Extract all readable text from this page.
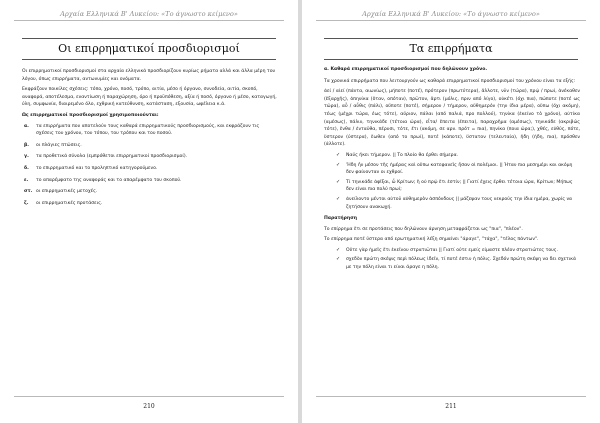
Αρχαία Ελληνικά Β' Λυκείου: «Το άγνωστο κείμενο»
Οι επιρρηματικοί προσδιορισμοί

Οι επιρρηματικοί προσδιορισμοί στα αρχαία ελληνικά προσδιορίζουν κυρίως ρήματα αλλά και άλλα μέρη του λόγου, όπως επιρρήματα, αντωνυμίες και ονόματα.

Εκφράζουν ποικίλες σχέσεις: τόπο, χρόνο, ποσό, τρόπο, αιτία, μέσο ή όργανο, συνοδεία, αιτία, σκοπό, αναφορά, αποτέλεσμα, εναντίωση ή παραχώρηση, όρο ή προϋπόθεση, αξία ή ποσό, όργανο ή μέσο, καταγωγή, ύλη, συμφωνία, διαιρεμένο όλο, εχθρική κατεύθυνση, κατάσταση, εξουσία, ωφέλεια κ.ά.

Ως επιρρηματικοί προσδιορισμοί χρησιμοποιούνται:

α.	τα επιρρήματα που αποτελούν τους καθαρά επιρρηματικούς προσδιορισμούς, και εκφράζουν τις σχέσεις του χρόνου, του τόπου, του τρόπου και του ποσού.
β.	οι πλάγιες πτώσεις.
γ.	τα προθετικά σύνολα (εμπρόθετοι επιρρηματικοί προσδιορισμοί).
δ.	το επιρρηματικό και το προληπτικό κατηγορούμενο.
ε.	το απαρέμφατο της αναφοράς και το απαρέμφατο του σκοπού.
στ. οι επιρρηματικές μετοχές.
ζ.	οι επιρρηματικές προτάσεις.
210
Αρχαία Ελληνικά Β' Λυκείου: «Το άγνωστο κείμενο»
Τα επιρρήματα
α. Καθαρά επιρρηματικοί προσδιορισμοί που δηλώνουν χρόνο.
Τα χρονικά επιρρήματα που λειτουργούν ως καθαρά επιρρηματικοί προσδιορισμοί του χρόνου είναι τα εξής:
ἀεί / αἰεί (πάντα, αιωνίως), μήποτε (ποτέ), πρότερον (πρωτύτερα), ἄλλοτε, νῦν (τώρα), πρῴ / πρωί, ἀνέκαθεν (ἔξαρχῆς), ὀπηνίκα (ὅταν, οπόταν), πρῶτον, ἄρτι (μόλις, πριν από λίγο), οὐκέτι (όχι πια), πώποτε (ποτέ ως τώρα), αὖ / αὖθις (πάλι), οὔποτε (ποτέ), σήμερον / τήμερον, αὔθημερόν (την ίδια μέρα), οὔπω (όχι ακόμη), τέως (μέχρι τώρα, έως τότε), αὔριον, πάλαι (από παλιά, προ πολλού), τηνίκα (ἐκείνο τὸ χρόνο), αὐτίκα (αμέσως), πάλιν, τηνικάδε (τέτοια ώρα), εἶτα/ ἔπειτα (έπειτα), παραχρῆμα (αμέσως), τηνικάδε (ακριβώς τότε), ἔνθα / ἐνταῦθα, πέρυσι, τότε, ἔτι (ακόμη, σε αρν. πρότ = πια), πηνίκα (ποια ώρα;), χθές, εὐθύς, πότε, ὕστερον (ύστερα), ἔωθεν (από το πρωί), ποτέ (κάποτε), ὕστατον (τελευταία), ἤδη (ήδη, πια), πρόσθεν (άλλοτε).
✓	Ναύς ἥκει τήμερον. || Το πλοίο θα έρθει σήμερα.
✓	Ἤδη ἦν μέσον τῆς ἡμέρας καὶ οὔπω κατεφανεῖς ἦσαν οἱ πολέμιοι. || Ήταν πια μεσημέρι και ακόμη δεν φαίνονταν οι εχθροί.
✓	Τί τηνικάδε ἀφῖξαι, ὦ Κρίτων; ἢ οὐ πρῴ ἔτι ἐστίν; || Γιατί έχεις έρθει τέτοια ώρα, Κρίτων; Μήπως δεν είναι πια πολύ πρωί;
✓	ἀνείλοντο μέντοι αὐτοῦ αὐθημερὸν ἀσπόνδους || μάζεψαν τους νεκρούς την ίδια ημέρα, χωρίς να ζητήσουν ανακωχή.
Παρατήρηση
Το επίρρημα ἔτι σε προτάσεις που δηλώνουν άρνηση μεταφράζεται ως "πια", "πλέον".
Το επίρρημα ποτέ ύστερα από ερωτηματική λέξη σημαίνει "άραγε", "τάχα", "τέλος πάντων".
✓	Οὔτε γὰρ ἡμεῖς ἔτι ἐκεῖνου στρατιῶται || Γιατί ούτε εμείς είμαστε πλέον στρατιώτες τους.
✓	σχεδὸν πρώτη σκέψις περὶ πόλεως ἰδεῖν, τί ποτέ ἐστιν ἡ πόλις. Σχεδόν πρώτη σκέψη να δει σχετικά με την πόλη είναι τι είναι άραγε η πόλη.
211
